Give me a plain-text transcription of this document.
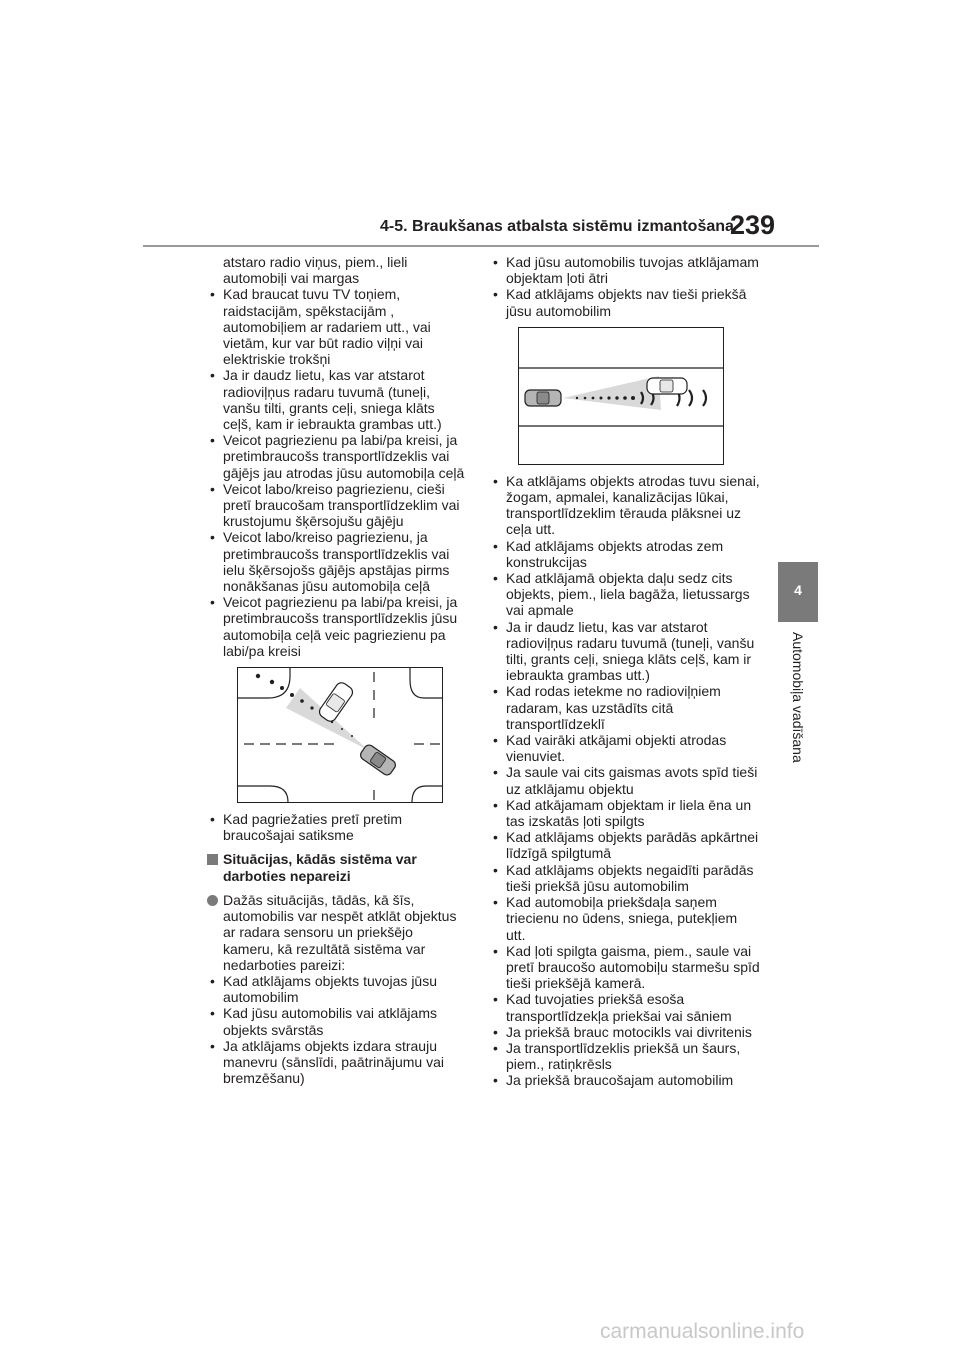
4-5. Braukšanas atbalsta sistēmu izmantošana
239
4
Automobiļa vadīšana

atstaro radio viņus, piem., lieli automobiļi vai margas

• Kad braucat tuvu TV toņiem, raidstacijām, spēkstacijām , automobiļiem ar radariem utt., vai vietām, kur var būt radio viļņi vai elektriskie trokšņi

• Ja ir daudz lietu, kas var atstarot radioviļņus radaru tuvumā (tuneļi, vanšu tilti, grants ceļi, sniega klāts ceļš, kam ir iebraukta grambas utt.)

• Veicot pagriezienu pa labi/pa kreisi, ja pretimbraucošs transportlīdzeklis vai gājējs jau atrodas jūsu automobiļa ceļā

• Veicot labo/kreiso pagriezienu, cieši pretī braucošam transportlīdzeklim vai krustojumu šķērsojušu gājēju

• Veicot labo/kreiso pagriezienu, ja pretimbraucošs transportlīdzeklis vai ielu šķērsojošs gājējs apstājas pirms nonākšanas jūsu automobiļa ceļā

• Veicot pagriezienu pa labi/pa kreisi, ja pretimbraucošs transportlīdzeklis jūsu automobiļa ceļā veic pagriezienu pa labi/pa kreisi

• Kad pagriežaties pretī pretim braucošajai satiksme

Situācijas, kādās sistēma var darboties nepareizi

Dažās situācijās, tādās, kā šīs, automobilis var nespēt atklāt objektus ar radara sensoru un priekšējo kameru, kā rezultātā sistēma var nedarboties pareizi:

• Kad atklājams objekts tuvojas jūsu automobilim

• Kad jūsu automobilis vai atklājams objekts svārstās

• Ja atklājams objekts izdara strauju manevru (sānslīdi, paātrinājumu vai bremzēšanu)

• Kad jūsu automobilis tuvojas atklājamam objektam ļoti ātri

• Kad atklājams objekts nav tieši priekšā jūsu automobilim

• Ka atklājams objekts atrodas tuvu sienai, žogam, apmalei, kanalizācijas lūkai, transportlīdzeklim tērauda plāksnei uz ceļa utt.

• Kad atklājams objekts atrodas zem konstrukcijas

• Kad atklājamā objekta daļu sedz cits objekts, piem., liela bagāža, lietussargs vai apmale

• Ja ir daudz lietu, kas var atstarot radioviļņus radaru tuvumā (tuneļi, vanšu tilti, grants ceļi, sniega klāts ceļš, kam ir iebraukta grambas utt.)

• Kad rodas ietekme no radioviļņiem radaram, kas uzstādīts citā transportlīdzeklī

• Kad vairāki atkājami objekti atrodas vienuviet.

• Ja saule vai cits gaismas avots spīd tieši uz atklājamu objektu

• Kad atkājamam objektam ir liela ēna un tas izskatās ļoti spilgts

• Kad atklājams objekts parādās apkārtnei līdzīgā spilgtumā

• Kad atklājams objekts negaidīti parādās tieši priekšā jūsu automobilim

• Kad automobiļa priekšdaļa saņem triecienu no ūdens, sniega, putekļiem utt.

• Kad ļoti spilgta gaisma, piem., saule vai pretī braucošo automobiļu starmešu spīd tieši priekšējā kamerā.

• Kad tuvojaties priekšā esoša transportlīdzekļa priekšai vai sāniem

• Ja priekšā brauc motocikls vai divritenis

• Ja transportlīdzeklis priekšā un šaurs, piem., ratiņkrēsls

• Ja priekšā braucošajam automobilim

carmanualsonline.info
